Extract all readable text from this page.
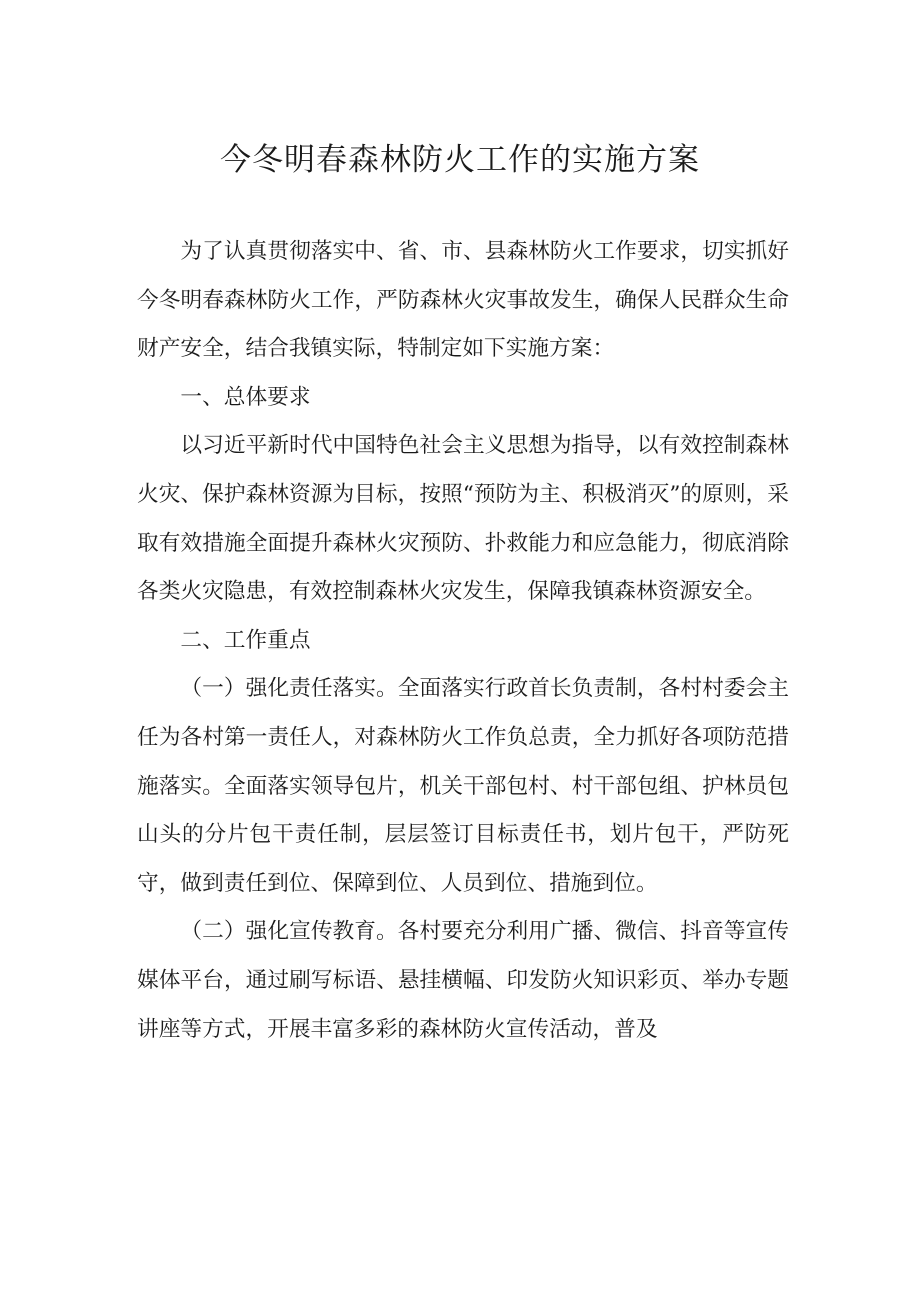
今冬明春森林防火工作的实施方案

为了认真贯彻落实中、省、市、县森林防火工作要求，切实抓好今冬明春森林防火工作，严防森林火灾事故发生，确保人民群众生命财产安全，结合我镇实际，特制定如下实施方案：

一、总体要求

以习近平新时代中国特色社会主义思想为指导，以有效控制森林火灾、保护森林资源为目标，按照“预防为主、积极消灭”的原则，采取有效措施全面提升森林火灾预防、扑救能力和应急能力，彻底消除各类火灾隐患，有效控制森林火灾发生，保障我镇森林资源安全。

二、工作重点

（一）强化责任落实。全面落实行政首长负责制，各村村委会主任为各村第一责任人，对森林防火工作负总责，全力抓好各项防范措施落实。全面落实领导包片，机关干部包村、村干部包组、护林员包山头的分片包干责任制，层层签订目标责任书，划片包干，严防死守，做到责任到位、保障到位、人员到位、措施到位。

（二）强化宣传教育。各村要充分利用广播、微信、抖音等宣传媒体平台，通过刷写标语、悬挂横幅、印发防火知识彩页、举办专题讲座等方式，开展丰富多彩的森林防火宣传活动，普及
